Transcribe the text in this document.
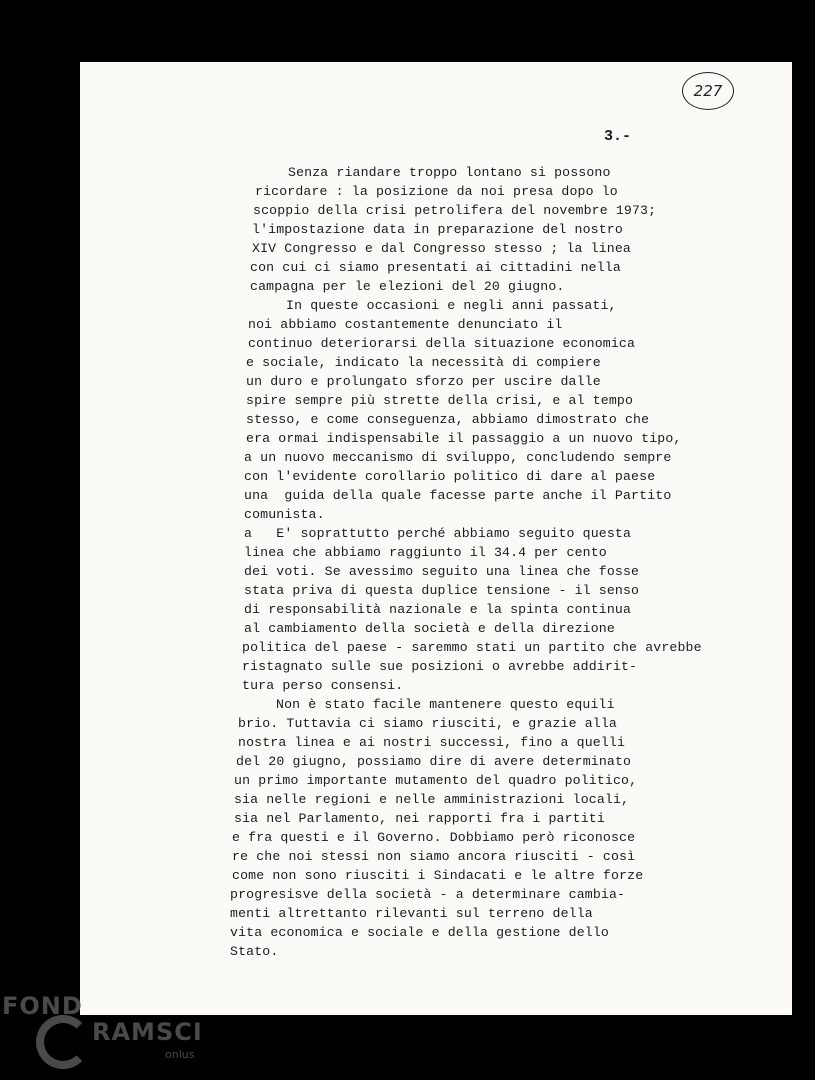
227
3.-
Senza riandare troppo lontano si possono
ricordare : la posizione da noi presa dopo lo
scoppio della crisi petrolifera del novembre 1973;
l'impostazione data in preparazione del nostro
XIV Congresso e dal Congresso stesso ; la linea
con cui ci siamo presentati ai cittadini nella
campagna per le elezioni del 20 giugno.
In queste occasioni e negli anni passati,
noi abbiamo costantemente denunciato il
continuo deteriorarsi della situazione economica
e sociale, indicato la necessità di compiere
un duro e prolungato sforzo per uscire dalle
spire sempre più strette della crisi, e al tempo
stesso, e come conseguenza, abbiamo dimostrato che
era ormai indispensabile il passaggio a un nuovo tipo,
a un nuovo meccanismo di sviluppo, concludendo sempre
con l'evidente corollario politico di dare al paese
una  guida della quale facesse parte anche il Partito
comunista.
a   E' soprattutto perché abbiamo seguito questa
linea che abbiamo raggiunto il 34.4 per cento
dei voti. Se avessimo seguito una linea che fosse
stata priva di questa duplice tensione - il senso
di responsabilità nazionale e la spinta continua
al cambiamento della società e della direzione
politica del paese - saremmo stati un partito che avrebbe
ristagnato sulle sue posizioni o avrebbe addirit-
tura perso consensi.
Non è stato facile mantenere questo equili
brio. Tuttavia ci siamo riusciti, e grazie alla
nostra linea e ai nostri successi, fino a quelli
del 20 giugno, possiamo dire di avere determinato
un primo importante mutamento del quadro politico,
sia nelle regioni e nelle amministrazioni locali,
sia nel Parlamento, nei rapporti fra i partiti
e fra questi e il Governo. Dobbiamo però riconosce
re che noi stessi non siamo ancora riusciti - così
come non sono riusciti i Sindacati e le altre forze
progresisve della società - a determinare cambia-
menti altrettanto rilevanti sul terreno della
vita economica e sociale e della gestione dello
Stato.
FOND
RAMSCI
onlus
